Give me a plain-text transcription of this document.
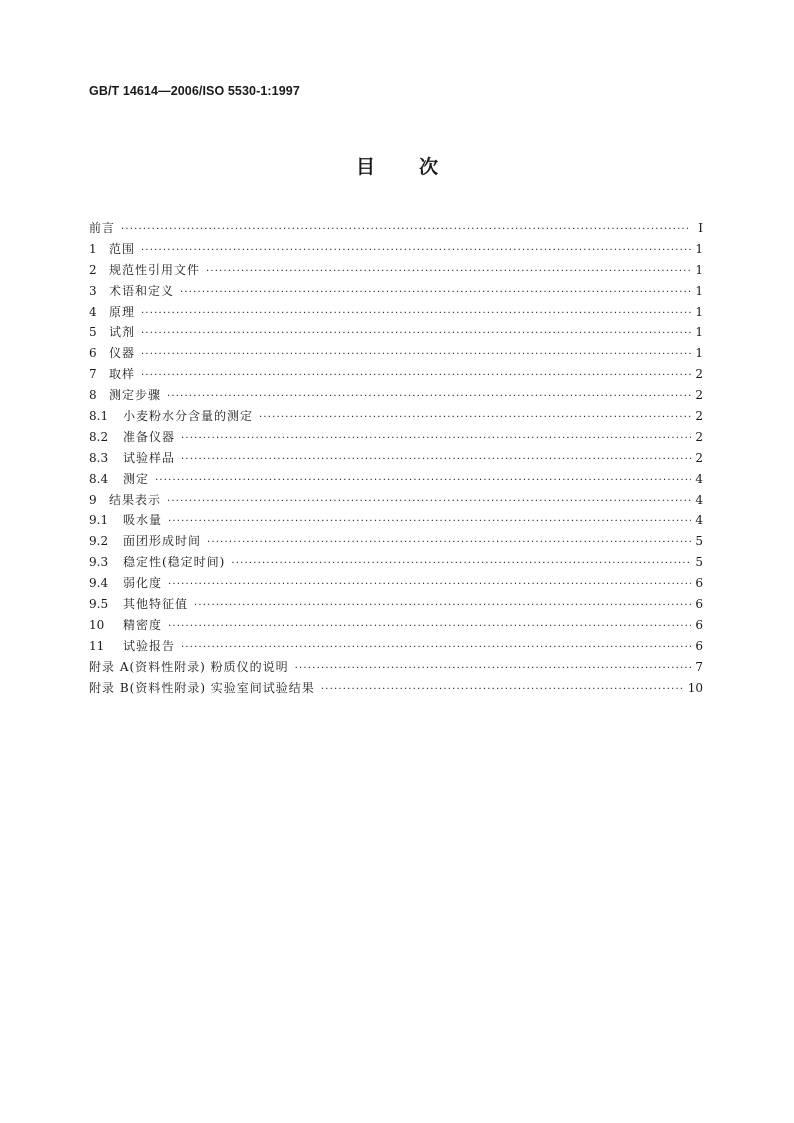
GB/T 14614—2006/ISO 5530-1:1997
目 次
前言 ·····	I
1	范围 ·····	1
2	规范性引用文件 ·····	1
3	术语和定义 ·····	1
4	原理 ·····	1
5	试剂 ·····	1
6	仪器 ·····	1
7	取样 ·····	2
8	测定步骤 ·····	2
8.1	小麦粉水分含量的测定 ·····	2
8.2	准备仪器 ·····	2
8.3	试验样品 ·····	2
8.4	测定 ·····	4
9	结果表示 ·····	4
9.1	吸水量 ·····	4
9.2	面团形成时间 ·····	5
9.3	稳定性(稳定时间) ·····	5
9.4	弱化度 ·····	6
9.5	其他特征值 ·····	6
10	精密度 ·····	6
11	试验报告 ·····	6
附录 A(资料性附录) 粉质仪的说明 ·····	7
附录 B(资料性附录) 实验室间试验结果 ·····	10
